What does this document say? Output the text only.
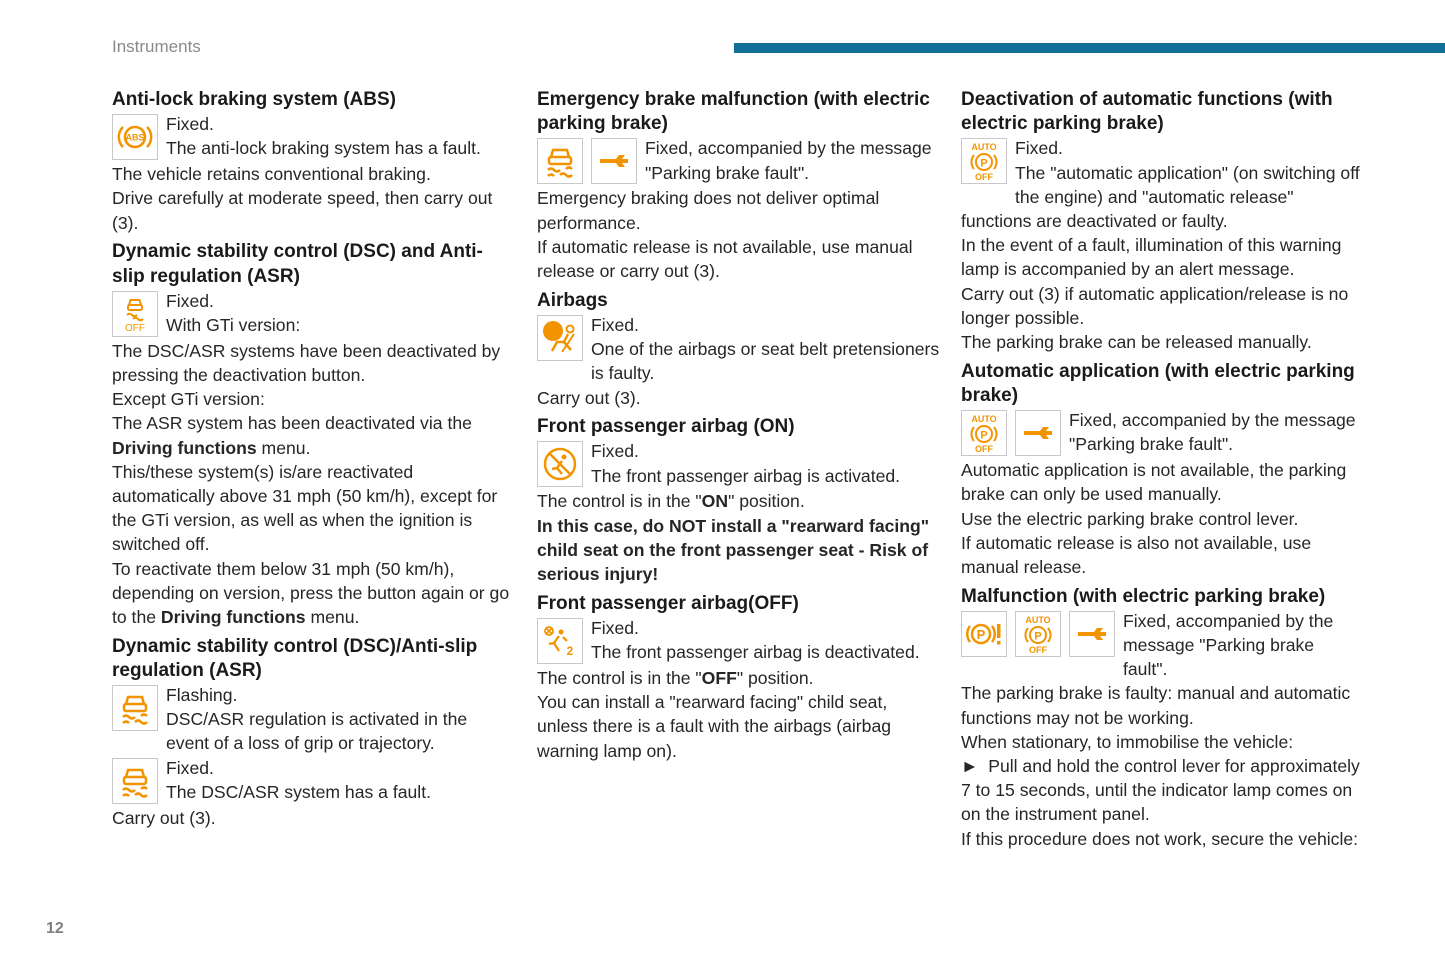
Instruments
Anti-lock braking system (ABS)

Fixed.

The anti-lock braking system has a fault.

The vehicle retains conventional braking.

Drive carefully at moderate speed, then carry out (3).

Dynamic stability control (DSC) and Anti-slip regulation (ASR)

Fixed.

With GTi version:

The DSC/ASR systems have been deactivated by pressing the deactivation button.

Except GTi version:

The ASR system has been deactivated via the Driving functions menu.

This/these system(s) is/are reactivated automatically above 31 mph (50 km/h), except for the GTi version, as well as when the ignition is switched off.

To reactivate them below 31 mph (50 km/h), depending on version, press the button again or go to the Driving functions menu.

Dynamic stability control (DSC)/Anti-slip regulation (ASR)

Flashing.

DSC/ASR regulation is activated in the event of a loss of grip or trajectory.

Fixed.

The DSC/ASR system has a fault.

Carry out (3).

Emergency brake malfunction (with electric parking brake)

Fixed, accompanied by the message "Parking brake fault".

Emergency braking does not deliver optimal performance.

If automatic release is not available, use manual release or carry out (3).

Airbags

Fixed.

One of the airbags or seat belt pretensioners is faulty.

Carry out (3).

Front passenger airbag (ON)

Fixed.

The front passenger airbag is activated.

The control is in the "ON" position.

In this case, do NOT install a "rearward facing" child seat on the front passenger seat - Risk of serious injury!

Front passenger airbag(OFF)

Fixed.

The front passenger airbag is deactivated.

The control is in the "OFF" position.

You can install a "rearward facing" child seat, unless there is a fault with the airbags (airbag warning lamp on).

Deactivation of automatic functions (with electric parking brake)

Fixed.

The "automatic application" (on switching off the engine) and "automatic release" functions are deactivated or faulty.

In the event of a fault, illumination of this warning lamp is accompanied by an alert message.

Carry out (3) if automatic application/release is no longer possible.

The parking brake can be released manually.

Automatic application (with electric parking brake)

Fixed, accompanied by the message "Parking brake fault".

Automatic application is not available, the parking brake can only be used manually.

Use the electric parking brake control lever.

If automatic release is also not available, use manual release.

Malfunction (with electric parking brake)

Fixed, accompanied by the message "Parking brake fault".

The parking brake is faulty: manual and automatic functions may not be working.

When stationary, to immobilise the vehicle:

► Pull and hold the control lever for approximately 7 to 15 seconds, until the indicator lamp comes on on the instrument panel.

If this procedure does not work, secure the vehicle:

12
